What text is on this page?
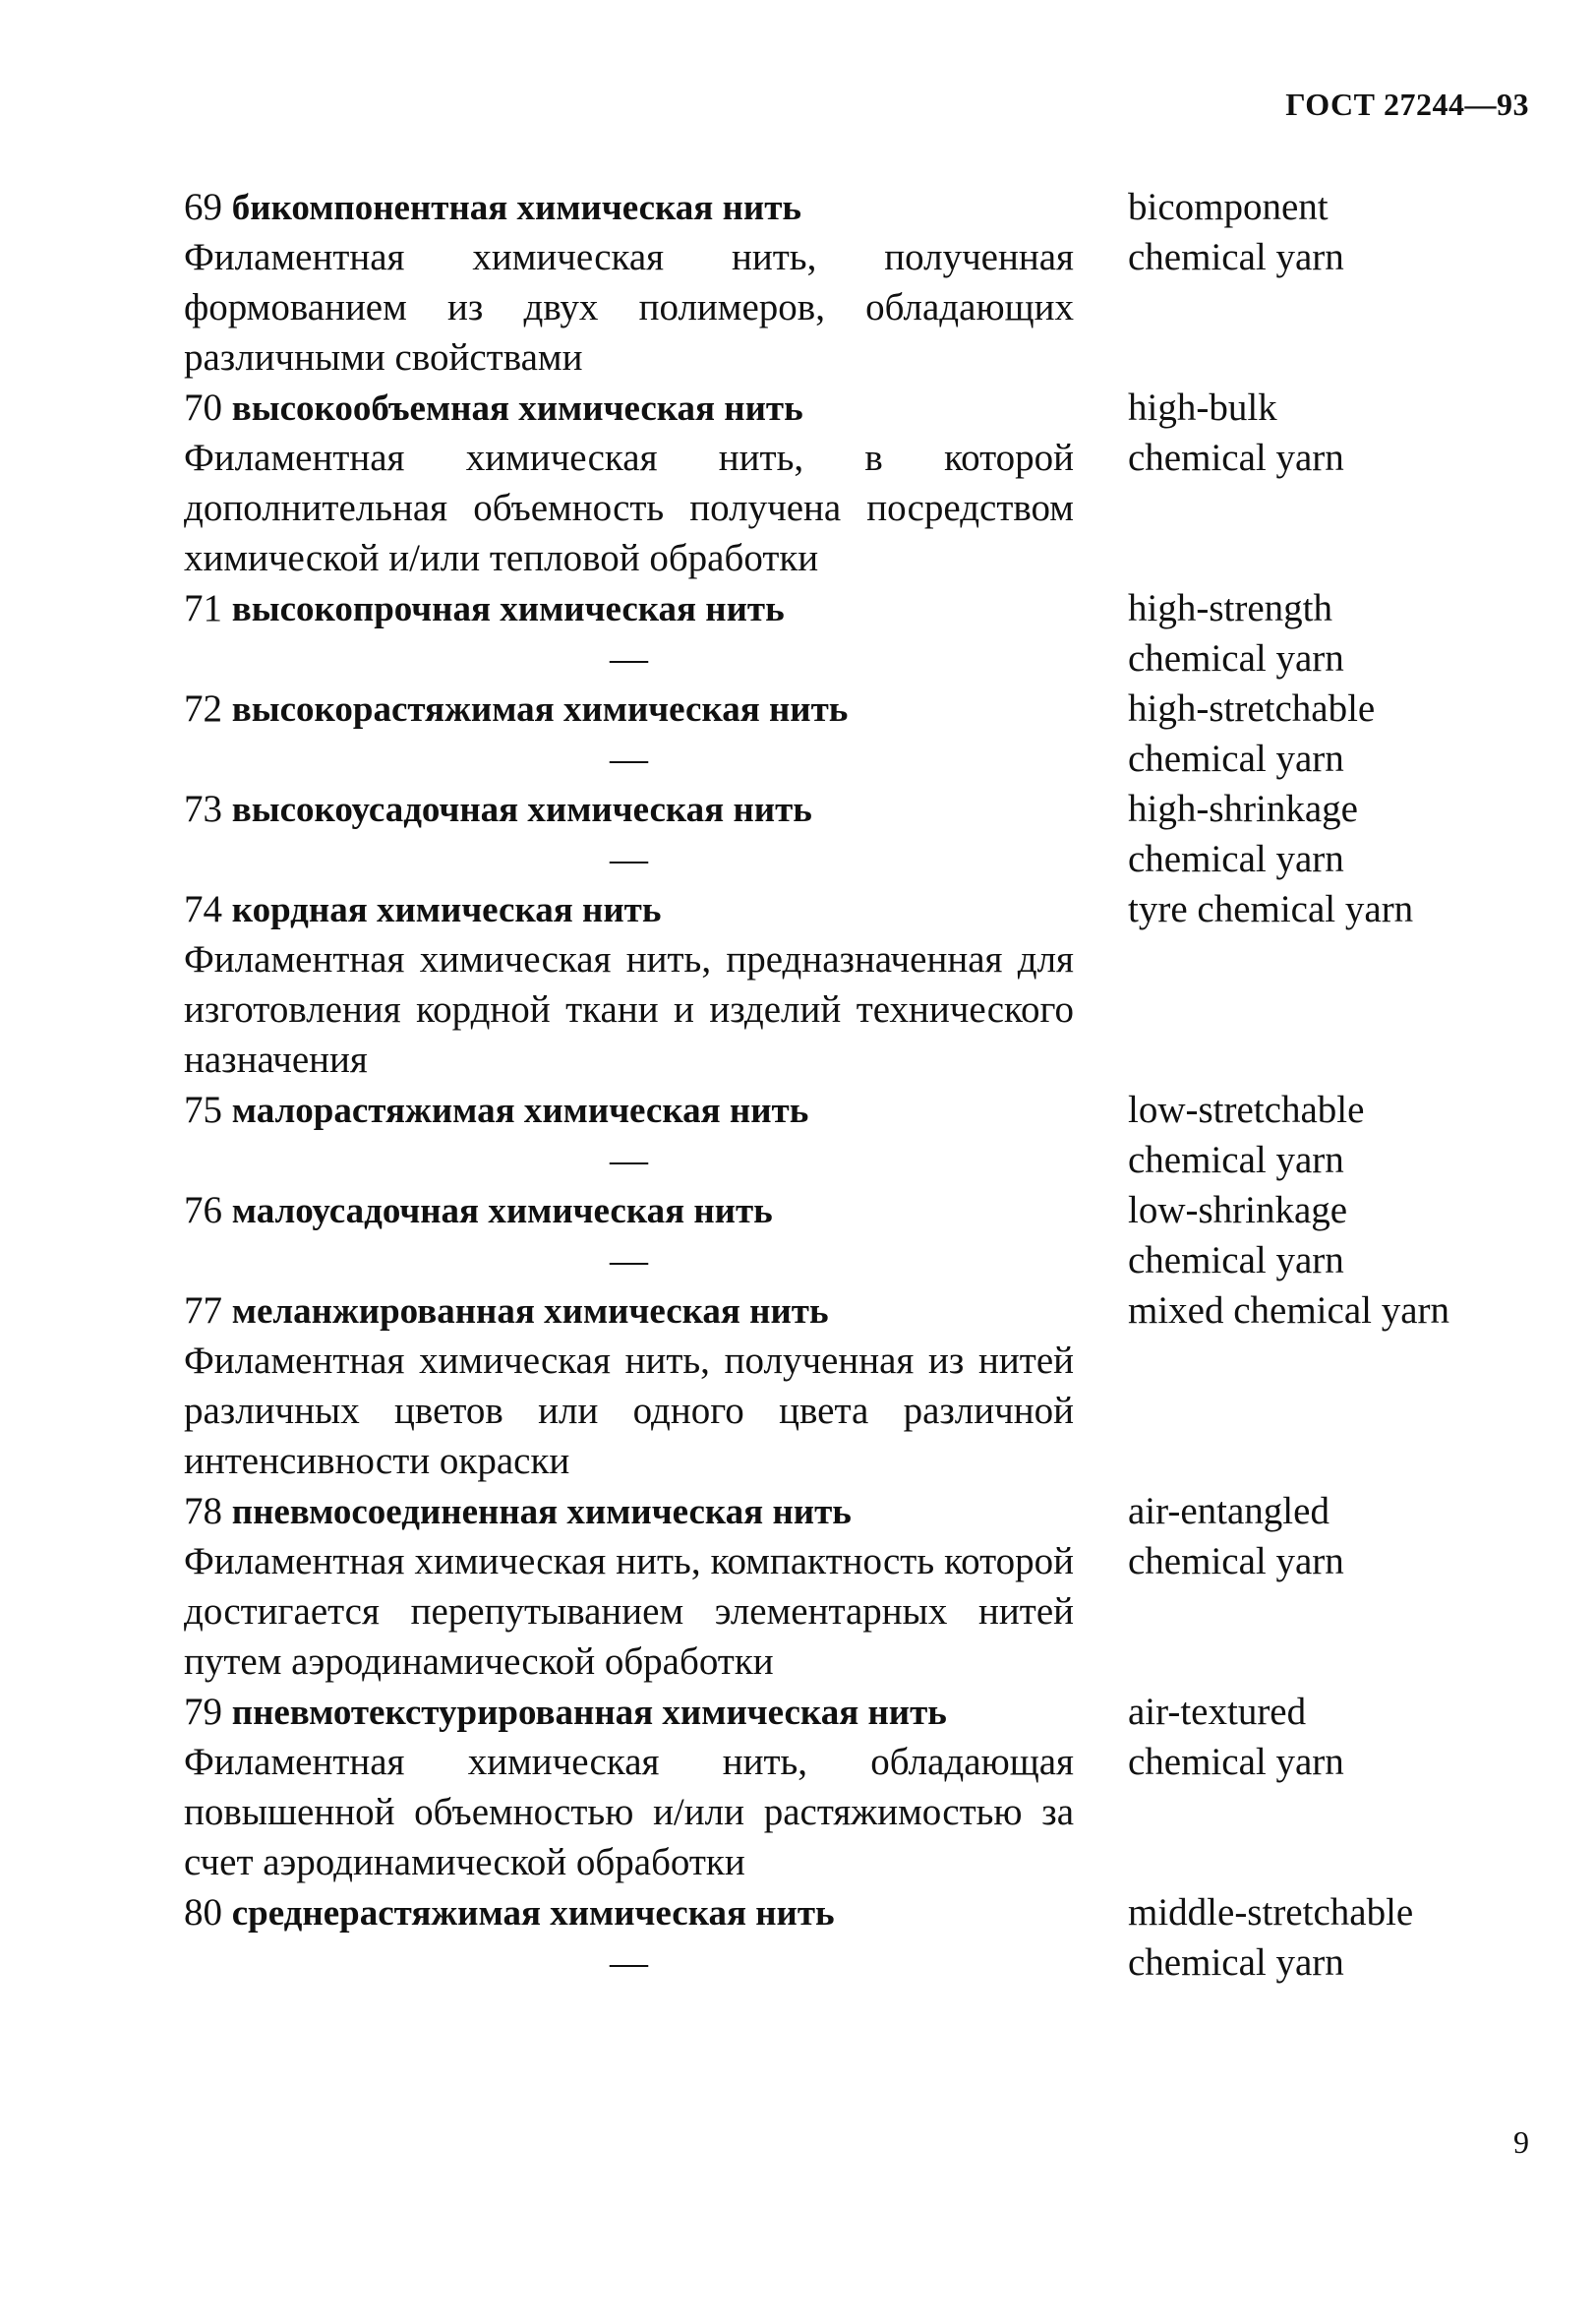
ГОСТ 27244—93
69 бикомпонентная химическая нить
Филаментная химическая нить, полученная формованием из двух полимеров, обладающих различными свойствами
bicomponent
chemical yarn
70 высокообъемная химическая нить
Филаментная химическая нить, в которой дополнительная объемность получена посредством химической и/или тепловой обработки
high-bulk
chemical yarn
71 высокопрочная химическая нить
—
high-strength
chemical yarn
72 высокорастяжимая химическая нить
—
high-stretchable
chemical yarn
73 высокоусадочная химическая нить
—
high-shrinkage
chemical yarn
74 кордная химическая нить
Филаментная химическая нить, предназначенная для изготовления кордной ткани и изделий технического назначения
tyre chemical yarn
75 малорастяжимая химическая нить
—
low-stretchable
chemical yarn
76 малоусадочная химическая нить
—
low-shrinkage
chemical yarn
77 меланжированная химическая нить
Филаментная химическая нить, полученная из нитей различных цветов или одного цвета различной интенсивности окраски
mixed chemical yarn
78 пневмосоединенная химическая нить
Филаментная химическая нить, компактность которой достигается перепутыванием элементарных нитей путем аэродинамической обработки
air-entangled
chemical yarn
79 пневмотекстурированная химическая нить
Филаментная химическая нить, обладающая повышенной объемностью и/или растяжимостью за счет аэродинамической обработки
air-textured
chemical yarn
80 среднерастяжимая химическая нить
—
middle-stretchable
chemical yarn
9
